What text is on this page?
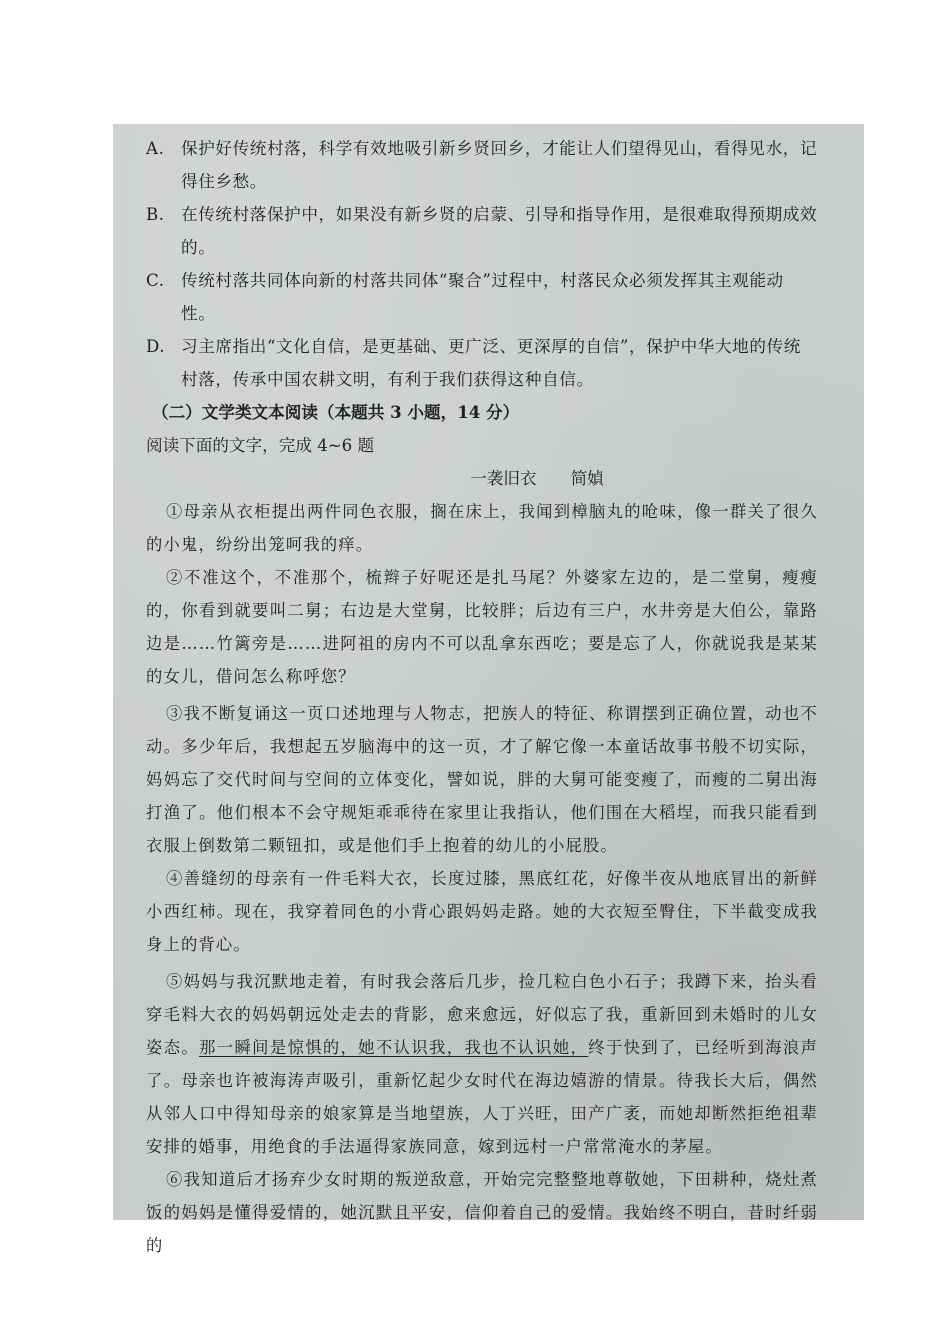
A. 保护好传统村落，科学有效地吸引新乡贤回乡，才能让人们望得见山，看得见水，记得住乡愁。

B. 在传统村落保护中，如果没有新乡贤的启蒙、引导和指导作用，是很难取得预期成效的。

C. 传统村落共同体向新的村落共同体“聚合”过程中，村落民众必须发挥其主观能动性。

D. 习主席指出“文化自信，是更基础、更广泛、更深厚的自信”，保护中华大地的传统村落，传承中国农耕文明，有利于我们获得这种自信。

（二）文学类文本阅读（本题共 3 小题，14 分）

阅读下面的文字，完成 4~6 题

一袭旧衣 简媜

①母亲从衣柜提出两件同色衣服，搁在床上，我闻到樟脑丸的呛味，像一群关了很久的小鬼，纷纷出笼呵我的痒。

②不准这个，不准那个，梳辫子好呢还是扎马尾？外婆家左边的，是二堂舅，瘦瘦的，你看到就要叫二舅；右边是大堂舅，比较胖；后边有三户，水井旁是大伯公，靠路边是……竹篱旁是……进阿祖的房内不可以乱拿东西吃；要是忘了人，你就说我是某某的女儿，借问怎么称呼您？

③我不断复诵这一页口述地理与人物志，把族人的特征、称谓摆到正确位置，动也不动。多少年后，我想起五岁脑海中的这一页，才了解它像一本童话故事书般不切实际，妈妈忘了交代时间与空间的立体变化，譬如说，胖的大舅可能变瘦了，而瘦的二舅出海打渔了。他们根本不会守规矩乖乖待在家里让我指认，他们围在大稻埕，而我只能看到衣服上倒数第二颗钮扣，或是他们手上抱着的幼儿的小屁股。

④善缝纫的母亲有一件毛料大衣，长度过膝，黑底红花，好像半夜从地底冒出的新鲜小西红柿。现在，我穿着同色的小背心跟妈妈走路。她的大衣短至臀住，下半截变成我身上的背心。

⑤妈妈与我沉默地走着，有时我会落后几步，捡几粒白色小石子；我蹲下来，抬头看穿毛料大衣的妈妈朝远处走去的背影，愈来愈远，好似忘了我，重新回到未婚时的儿女姿态。那一瞬间是惊惧的，她不认识我，我也不认识她，终于快到了，已经听到海浪声了。母亲也许被海涛声吸引，重新忆起少女时代在海边嬉游的情景。待我长大后，偶然从邻人口中得知母亲的娘家算是当地望族，人丁兴旺，田产广袤，而她却断然拒绝祖辈安排的婚事，用绝食的手法逼得家族同意，嫁到远村一户常常淹水的茅屋。

⑥我知道后才扬弃少女时期的叛逆敌意，开始完完整整地尊敬她，下田耕种，烧灶煮饭的妈妈是懂得爱情的，她沉默且平安，信仰着自己的爱情。我始终不明白，昔时纤弱的
